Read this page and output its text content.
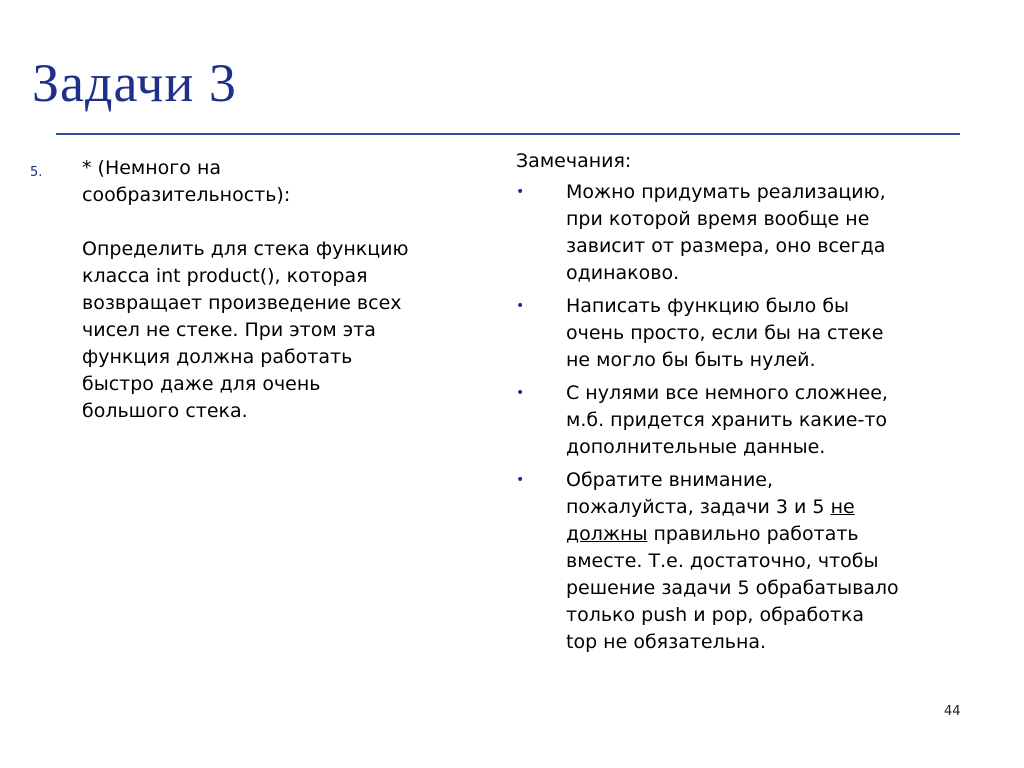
Задачи 3
5. * (Немного на

сообразительность):

Определить для стека функцию

класса int product(), которая

возвращает произведение всех

чисел не стеке. При этом эта

функция должна работать

быстро даже для очень

большого стека.

Замечания:
• Можно придумать реализацию,
при которой время вообще не
зависит от размера, оно всегда
одинаково.
• Написать функцию было бы
очень просто, если бы на стеке
не могло бы быть нулей.
• С нулями все немного сложнее,
м.б. придется хранить какие-то
дополнительные данные.
• Обратите внимание,
пожалуйста, задачи 3 и 5 не
должны правильно работать
вместе. Т.е. достаточно, чтобы
решение задачи 5 обрабатывало
только push и pop, обработка
top не обязательна.
44
